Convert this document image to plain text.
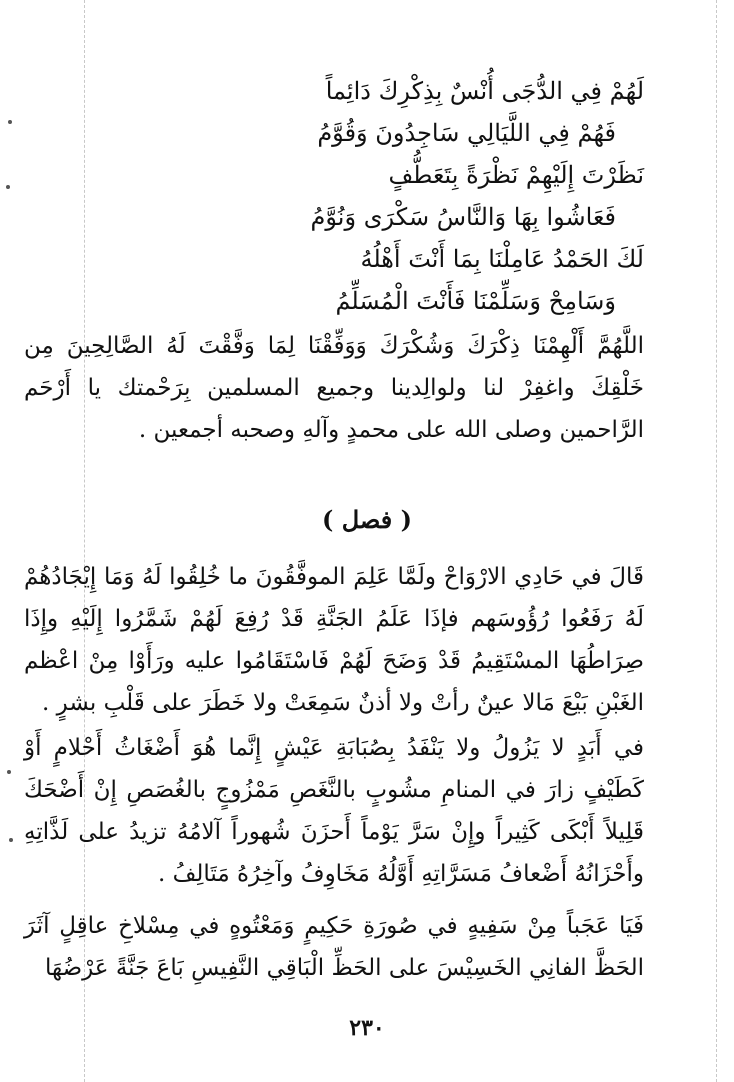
لَهُمْ فِي الدُّجَى أُنْسٌ بِذِكْرِكَ دَائِماً
فَهُمْ فِي اللَّيَالِي سَاجِدُونَ وَقُوَّمُ
نَظَرْتَ إِلَيْهِمْ نَظْرَةً بِتَعَطُّفٍ
فَعَاشُوا بِهَا وَالنَّاسُ سَكْرَى وَنُوَّمُ
لَكَ الحَمْدُ عَامِلْنَا بِمَا أَنْتَ أَهْلُهُ
وَسَامِحْ وَسَلِّمْنَا فَأَنْتَ الْمُسَلِّمُ
اللَّهُمَّ أَلْهِمْنَا ذِكْرَكَ وَشُكْرَكَ وَوَفِّقْنَا لِمَا وَفَّقْتَ لَهُ الصَّالِحِينَ مِن خَلْقِكَ واغفِرْ لنا ولوالِدينا وجميع المسلمين بِرَحْمتك يا أَرْحَم الرَّاحمين وصلى الله على محمدٍ وآلهِ وصحبه أجمعين .
( فصل )
قَالَ في حَادِي الارْوَاحْ ولَمَّا عَلِمَ الموفَّقُونَ ما خُلِقُوا لَهُ وَمَا إِيْجَادُهُمْ لَهُ رَفَعُوا رُؤُوسَهم فإذَا عَلَمُ الجَنَّةِ قَدْ رُفِعَ لَهُمْ شَمَّرُوا إِلَيْهِ وإِذَا صِرَاطُهَا المسْتَقِيمُ قَدْ وَضَحَ لَهُمْ فَاسْتَقَامُوا عليه ورَأَوْا مِنْ اعْظم الغَبْنِ بَيْعَ مَالا عينٌ رأتْ ولا أذنٌ سَمِعَتْ ولا خَطَرَ على قَلْبِ بشرٍ .
في أَبَدٍ لا يَزُولُ ولا يَنْفَدُ بِصُبَابَةِ عَيْشٍ إِنَّما هُوَ أَضْغَاثُ أَحْلامٍ أَوْ كَطَيْفٍ زارَ في المنامِ مشُوبٍ بالنَّغَصِ مَمْزُوجٍ بالغُصَصِ إِنْ أَضْحَكَ قَلِيلاً أَبْكَى كَثِيراً وإِنْ سَرَّ يَوْماً أَحزَنَ شُهوراً آلامُهُ تزيدُ على لَذَّاتِهِ وأَحْزَانُهُ أَضْعافُ مَسَرَّاتِهِ أَوَّلُهُ مَخَاوِفُ وآخِرُهُ مَتَالِفُ .
فَيَا عَجَباً مِنْ سَفِيهٍ في صُورَةِ حَكِيمٍ وَمَعْتُوهٍ في مِسْلاخِ عاقِلٍ آثَرَ الحَظَّ الفانِي الخَسِيْسَ على الحَظِّ الْبَاقِي النَّفِيسِ بَاعَ جَنَّةً عَرْضُهَا
٢٣٠
